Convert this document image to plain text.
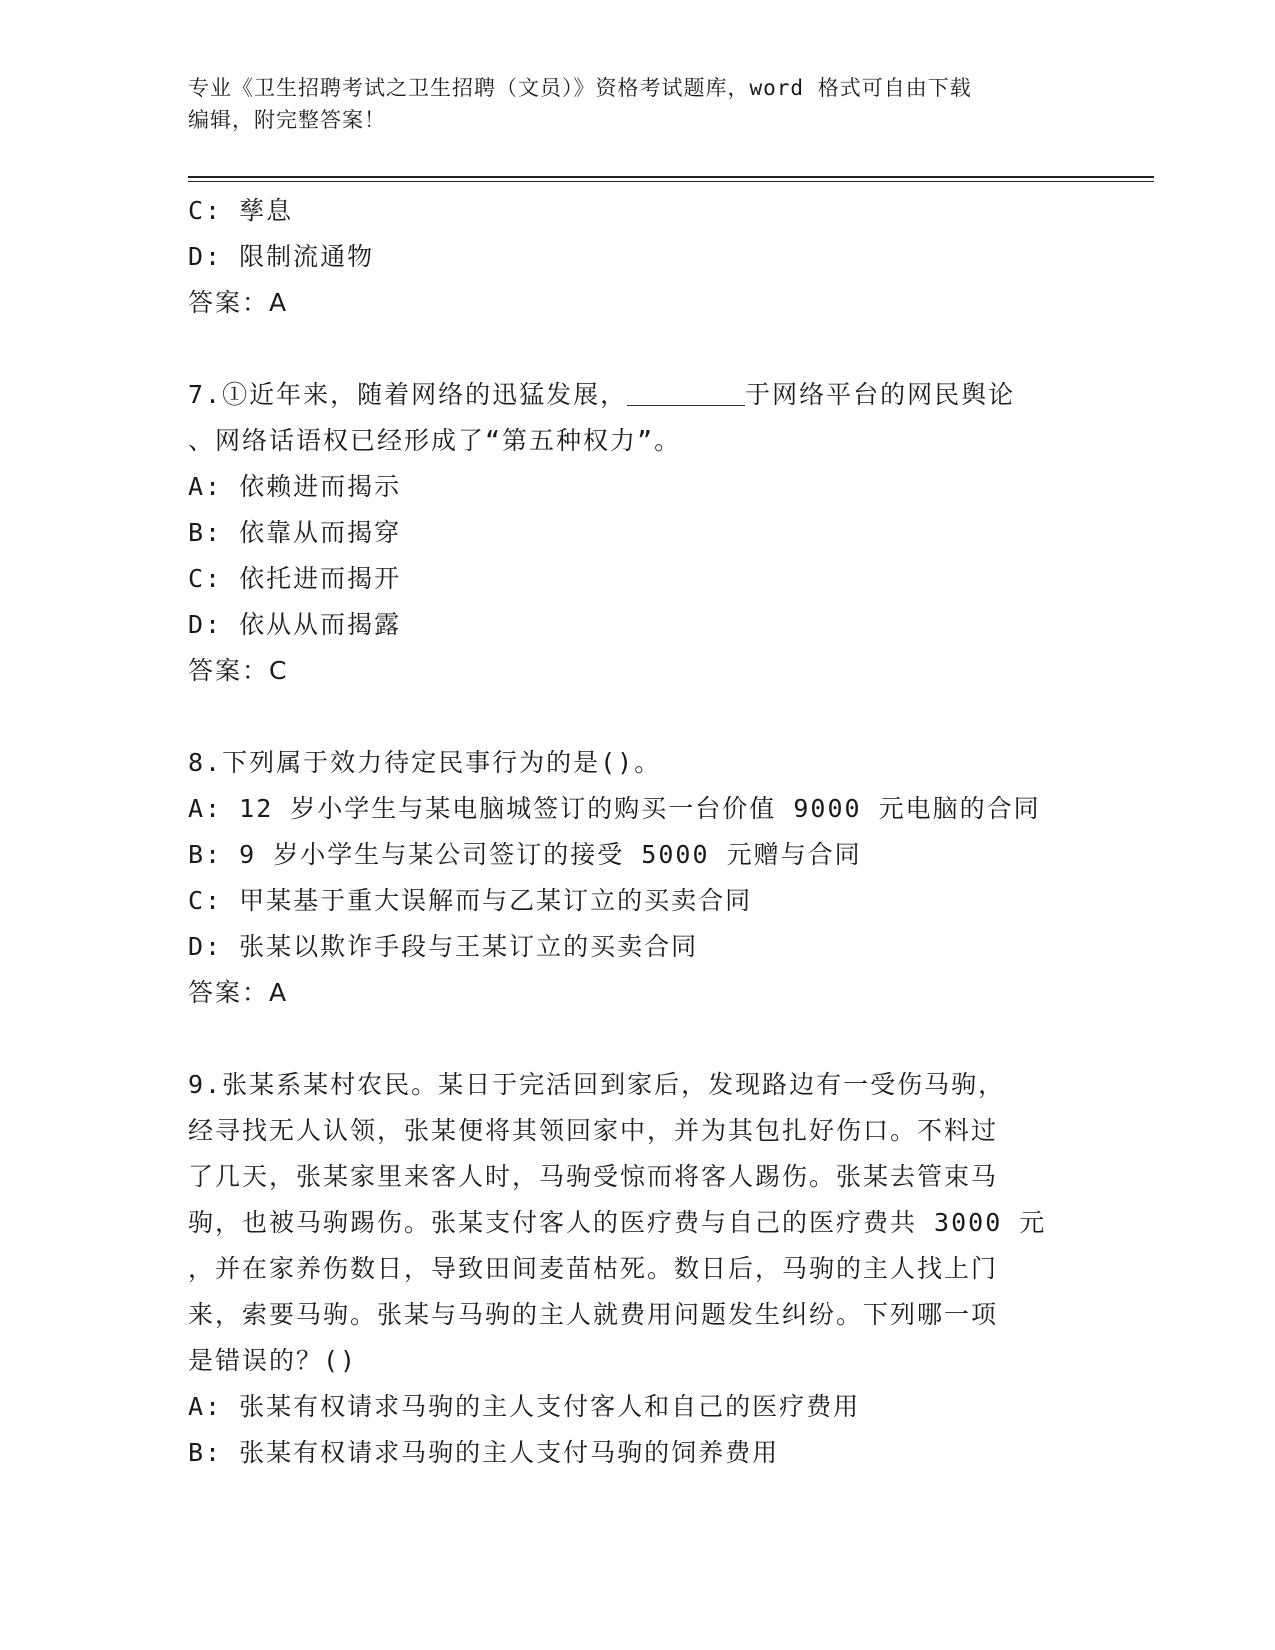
专业《卫生招聘考试之卫生招聘（文员）》资格考试题库，word 格式可自由下载
编辑，附完整答案！
C: 孳息
D: 限制流通物
答案：A
7.①近年来，随着网络的迅猛发展，	于网络平台的网民舆论
、网络话语权已经形成了“第五种权力”。
A: 依赖进而揭示
B: 依靠从而揭穿
C: 依托进而揭开
D: 依从从而揭露
答案：C
8.下列属于效力待定民事行为的是()。
A: 12 岁小学生与某电脑城签订的购买一台价值 9000 元电脑的合同
B: 9 岁小学生与某公司签订的接受 5000 元赠与合同
C: 甲某基于重大误解而与乙某订立的买卖合同
D: 张某以欺诈手段与王某订立的买卖合同
答案：A
9.张某系某村农民。某日于完活回到家后，发现路边有一受伤马驹，
经寻找无人认领，张某便将其领回家中，并为其包扎好伤口。不料过
了几天，张某家里来客人时，马驹受惊而将客人踢伤。张某去管束马
驹，也被马驹踢伤。张某支付客人的医疗费与自己的医疗费共 3000 元
，并在家养伤数日，导致田间麦苗枯死。数日后，马驹的主人找上门
来，索要马驹。张某与马驹的主人就费用问题发生纠纷。下列哪一项
是错误的？()
A: 张某有权请求马驹的主人支付客人和自己的医疗费用
B: 张某有权请求马驹的主人支付马驹的饲养费用
